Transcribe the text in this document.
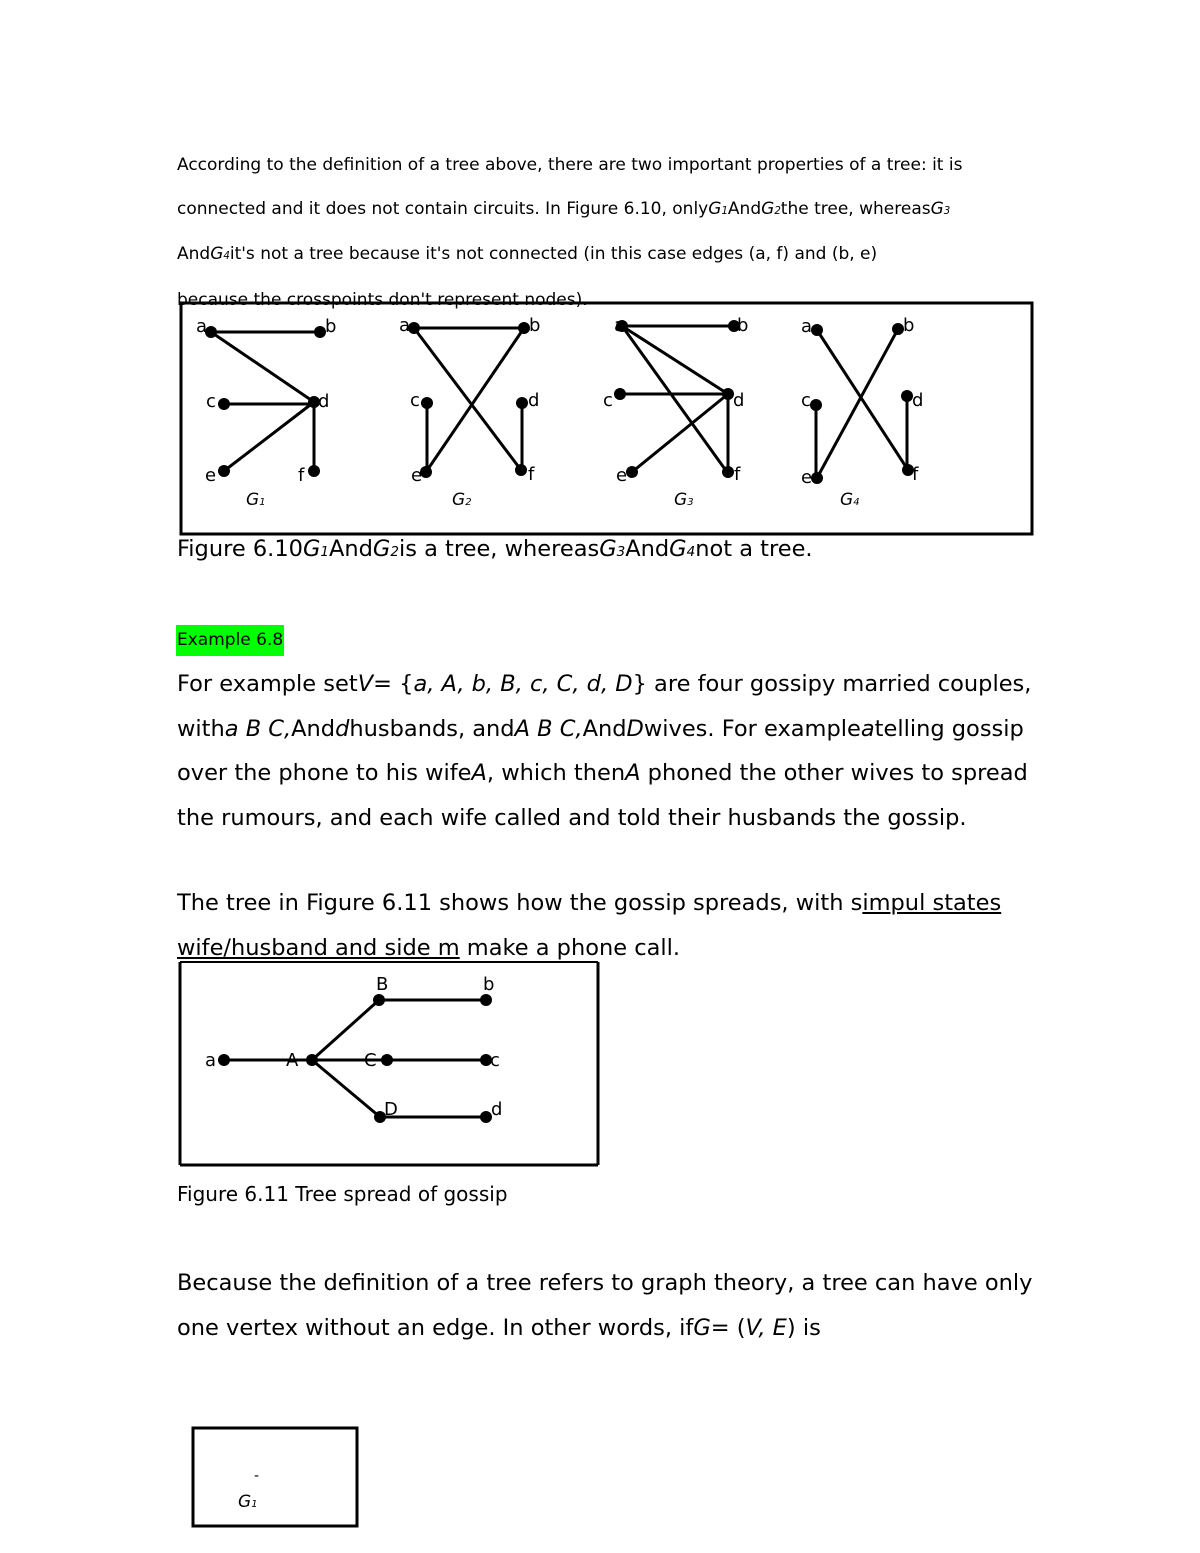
According to the definition of a tree above, there are two important properties of a tree: it is
connected and it does not contain circuits. In Figure 6.10, onlyG1AndG2the tree, whereasG3
AndG4it's not a tree because it's not connected (in this case edges (a, f) and (b, e)
because the crosspoints don't represent nodes).
a	b
c	d
e	f
a	b
c	d
e	f
a	b
c	d
e	f
a	b
c	d
e	f
G1	G2	G3	G4
Figure 6.10G1AndG2is a tree, whereasG3AndG4not a tree.
Example 6.8
For example setV= {a, A, b, B, c, C, d, D} are four gossipy married couples,
witha B C,Anddhusbands, andA B C,AndDwives. For exampleatelling gossip
over the phone to his wifeA, which thenA phoned the other wives to spread
the rumours, and each wife called and told their husbands the gossip.
The tree in Figure 6.11 shows how the gossip spreads, with simpul states
wife/husband and side m make a phone call.
a	A
B	b
C	c
D	d
Figure 6.11 Tree spread of gossip
Because the definition of a tree refers to graph theory, a tree can have only
one vertex without an edge. In other words, ifG= (V, E) is
-
G1
